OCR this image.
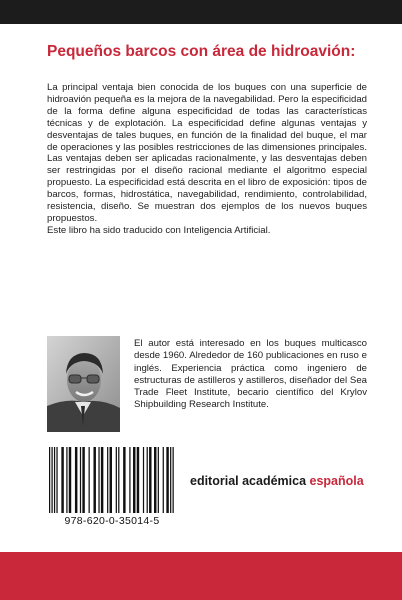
Pequeños barcos con área de hidroavión:

La principal ventaja bien conocida de los buques con una superficie de hidroavión pequeña es la mejora de la navegabilidad. Pero la especificidad de la forma define alguna especificidad de todas las características técnicas y de explotación. La especificidad define algunas ventajas y desventajas de tales buques, en función de la finalidad del buque, el mar de operaciones y las posibles restricciones de las dimensiones principales. Las ventajas deben ser aplicadas racionalmente, y las desventajas deben ser restringidas por el diseño racional mediante el algoritmo especial propuesto. La especificidad está descrita en el libro de exposición: tipos de barcos, formas, hidrostática, navegabilidad, rendimiento, controlabilidad, resistencia, diseño. Se muestran dos ejemplos de los nuevos buques propuestos.

Este libro ha sido traducido con Inteligencia Artificial.

El autor está interesado en los buques multicasco desde 1960. Alrededor de 160 publicaciones en ruso e inglés. Experiencia práctica como ingeniero de estructuras de astilleros y astilleros, diseñador del Sea Trade Fleet Institute, becario científico del Krylov Shipbuilding Research Institute.
978-620-0-35014-5
editorial académica española
